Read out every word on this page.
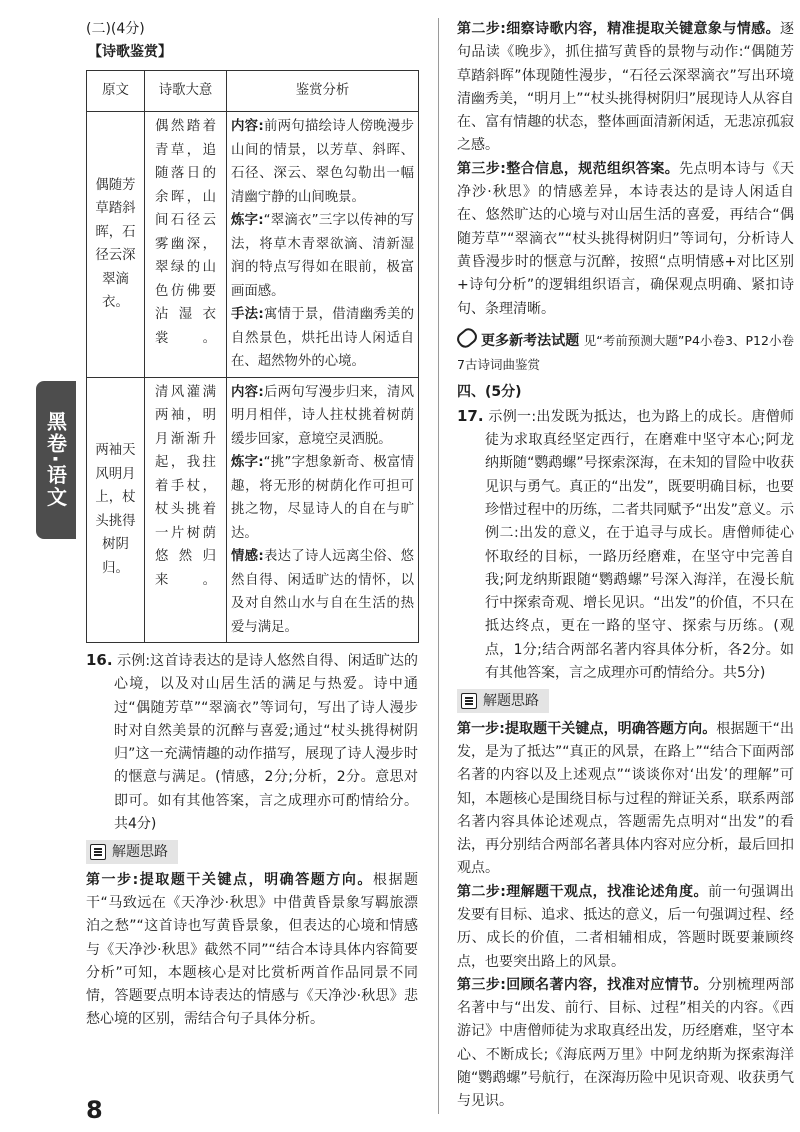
黑卷·语文

(二)(4分)

【诗歌鉴赏】
原文	诗歌大意	鉴赏分析
偶随芳草踏斜晖，石径云深翠滴衣。	偶然踏着青草，追随落日的余晖，山间石径云雾幽深，翠绿的山色仿佛要沾湿衣裳。	内容:前两句描绘诗人傍晚漫步山间的情景，以芳草、斜晖、石径、深云、翠色勾勒出一幅清幽宁静的山间晚景。

炼字:“翠滴衣”三字以传神的写法，将草木青翠欲滴、清新湿润的特点写得如在眼前，极富画面感。

手法:寓情于景，借清幽秀美的自然景色，烘托出诗人闲适自在、超然物外的心境。

两袖天风明月上，杖头挑得树阴归。	清风灌满两袖，明月渐渐升起，我拄着手杖，杖头挑着一片树荫悠然归来。	内容:后两句写漫步归来，清风明月相伴，诗人拄杖挑着树荫缓步回家，意境空灵洒脱。

炼字:“挑”字想象新奇、极富情趣，将无形的树荫化作可担可挑之物，尽显诗人的自在与旷达。

情感:表达了诗人远离尘俗、悠然自得、闲适旷达的情怀，以及对自然山水与自在生活的热爱与满足。

16. 示例:这首诗表达的是诗人悠然自得、闲适旷达的心境，以及对山居生活的满足与热爱。诗中通过“偶随芳草”“翠滴衣”等词句，写出了诗人漫步时对自然美景的沉醉与喜爱;通过“杖头挑得树阴归”这一充满情趣的动作描写，展现了诗人漫步时的惬意与满足。(情感，2分;分析，2分。意思对即可。如有其他答案，言之成理亦可酌情给分。共4分)

解题思路

第一步:提取题干关键点，明确答题方向。根据题干“马致远在《天净沙·秋思》中借黄昏景象写羁旅漂泊之愁”“这首诗也写黄昏景象，但表达的心境和情感与《天净沙·秋思》截然不同”“结合本诗具体内容简要分析”可知，本题核心是对比赏析两首作品同景不同情，答题要点明本诗表达的情感与《天净沙·秋思》悲愁心境的区别，需结合句子具体分析。

第二步:细察诗歌内容，精准提取关键意象与情感。逐句品读《晚步》，抓住描写黄昏的景物与动作:“偶随芳草踏斜晖”体现随性漫步，“石径云深翠滴衣”写出环境清幽秀美，“明月上”“杖头挑得树阴归”展现诗人从容自在、富有情趣的状态，整体画面清新闲适，无悲凉孤寂之感。

第三步:整合信息，规范组织答案。先点明本诗与《天净沙·秋思》的情感差异，本诗表达的是诗人闲适自在、悠然旷达的心境与对山居生活的喜爱，再结合“偶随芳草”“翠滴衣”“杖头挑得树阴归”等词句，分析诗人黄昏漫步时的惬意与沉醉，按照“点明情感+对比区别+诗句分析”的逻辑组织语言，确保观点明确、紧扣诗句、条理清晰。

更多新考法试题 见“考前预测大题”P4小卷3、P12小卷7古诗词曲鉴赏

四、(5分)

17. 示例一:出发既为抵达，也为路上的成长。唐僧师徒为求取真经坚定西行，在磨难中坚守本心;阿龙纳斯随“鹦鹉螺”号探索深海，在未知的冒险中收获见识与勇气。真正的“出发”，既要明确目标，也要珍惜过程中的历练，二者共同赋予“出发”意义。示例二:出发的意义，在于追寻与成长。唐僧师徒心怀取经的目标，一路历经磨难，在坚守中完善自我;阿龙纳斯跟随“鹦鹉螺”号深入海洋，在漫长航行中探索奇观、增长见识。“出发”的价值，不只在抵达终点，更在一路的坚守、探索与历练。(观点，1分;结合两部名著内容具体分析，各2分。如有其他答案，言之成理亦可酌情给分。共5分)

解题思路

第一步:提取题干关键点，明确答题方向。根据题干“出发，是为了抵达”“真正的风景，在路上”“结合下面两部名著的内容以及上述观点”“谈谈你对‘出发’的理解”可知，本题核心是围绕目标与过程的辩证关系，联系两部名著内容具体论述观点，答题需先点明对“出发”的看法，再分别结合两部名著具体内容对应分析，最后回扣观点。

第二步:理解题干观点，找准论述角度。前一句强调出发要有目标、追求、抵达的意义，后一句强调过程、经历、成长的价值，二者相辅相成，答题时既要兼顾终点，也要突出路上的风景。

第三步:回顾名著内容，找准对应情节。分别梳理两部名著中与“出发、前行、目标、过程”相关的内容。《西游记》中唐僧师徒为求取真经出发，历经磨难，坚守本心、不断成长;《海底两万里》中阿龙纳斯为探索海洋随“鹦鹉螺”号航行，在深海历险中见识奇观、收获勇气与见识。

8
